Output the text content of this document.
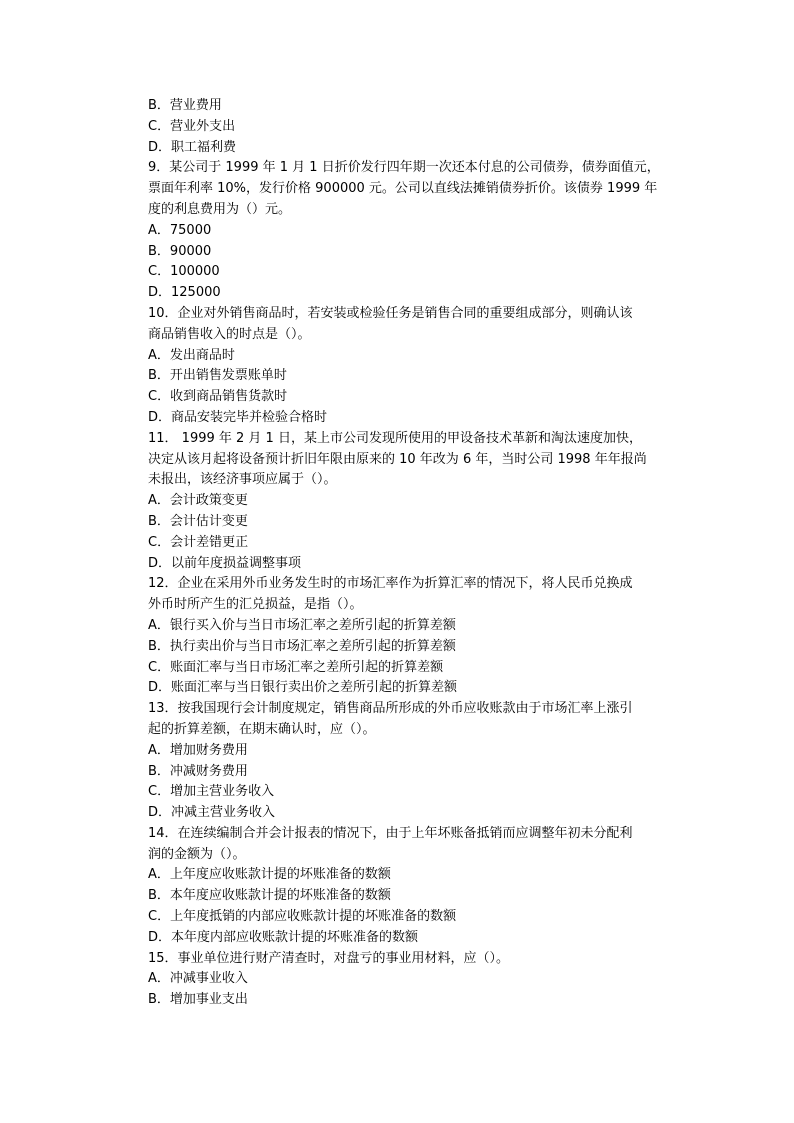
B．营业费用
C．营业外支出
D．职工福利费
9．某公司于 1999 年 1 月 1 日折价发行四年期一次还本付息的公司债券，债券面值元，
票面年利率 10%，发行价格 900000 元。公司以直线法摊销债券折价。该债券 1999 年
度的利息费用为（）元。
A．75000
B．90000
C．100000
D．125000
10．企业对外销售商品时，若安装或检验任务是销售合同的重要组成部分，则确认该
商品销售收入的时点是（）。
A．发出商品时
B．开出销售发票账单时
C．收到商品销售货款时
D．商品安装完毕并检验合格时
11． 1999 年 2 月 1 日，某上市公司发现所使用的甲设备技术革新和淘汰速度加快，
决定从该月起将设备预计折旧年限由原来的 10 年改为 6 年，当时公司 1998 年年报尚
未报出，该经济事项应属于（）。
A．会计政策变更
B．会计估计变更
C．会计差错更正
D．以前年度损益调整事项
12．企业在采用外币业务发生时的市场汇率作为折算汇率的情况下，将人民币兑换成
外币时所产生的汇兑损益，是指（）。
A．银行买入价与当日市场汇率之差所引起的折算差额
B．执行卖出价与当日市场汇率之差所引起的折算差额
C．账面汇率与当日市场汇率之差所引起的折算差额
D．账面汇率与当日银行卖出价之差所引起的折算差额
13．按我国现行会计制度规定，销售商品所形成的外币应收账款由于市场汇率上涨引
起的折算差额，在期末确认时，应（）。
A．增加财务费用
B．冲减财务费用
C．增加主营业务收入
D．冲减主营业务收入
14．在连续编制合并会计报表的情况下，由于上年坏账备抵销而应调整年初未分配利
润的金额为（）。
A．上年度应收账款计提的坏账准备的数额
B．本年度应收账款计提的坏账准备的数额
C．上年度抵销的内部应收账款计提的坏账准备的数额
D．本年度内部应收账款计提的坏账准备的数额
15．事业单位进行财产清查时，对盘亏的事业用材料，应（）。
A．冲减事业收入
B．增加事业支出
